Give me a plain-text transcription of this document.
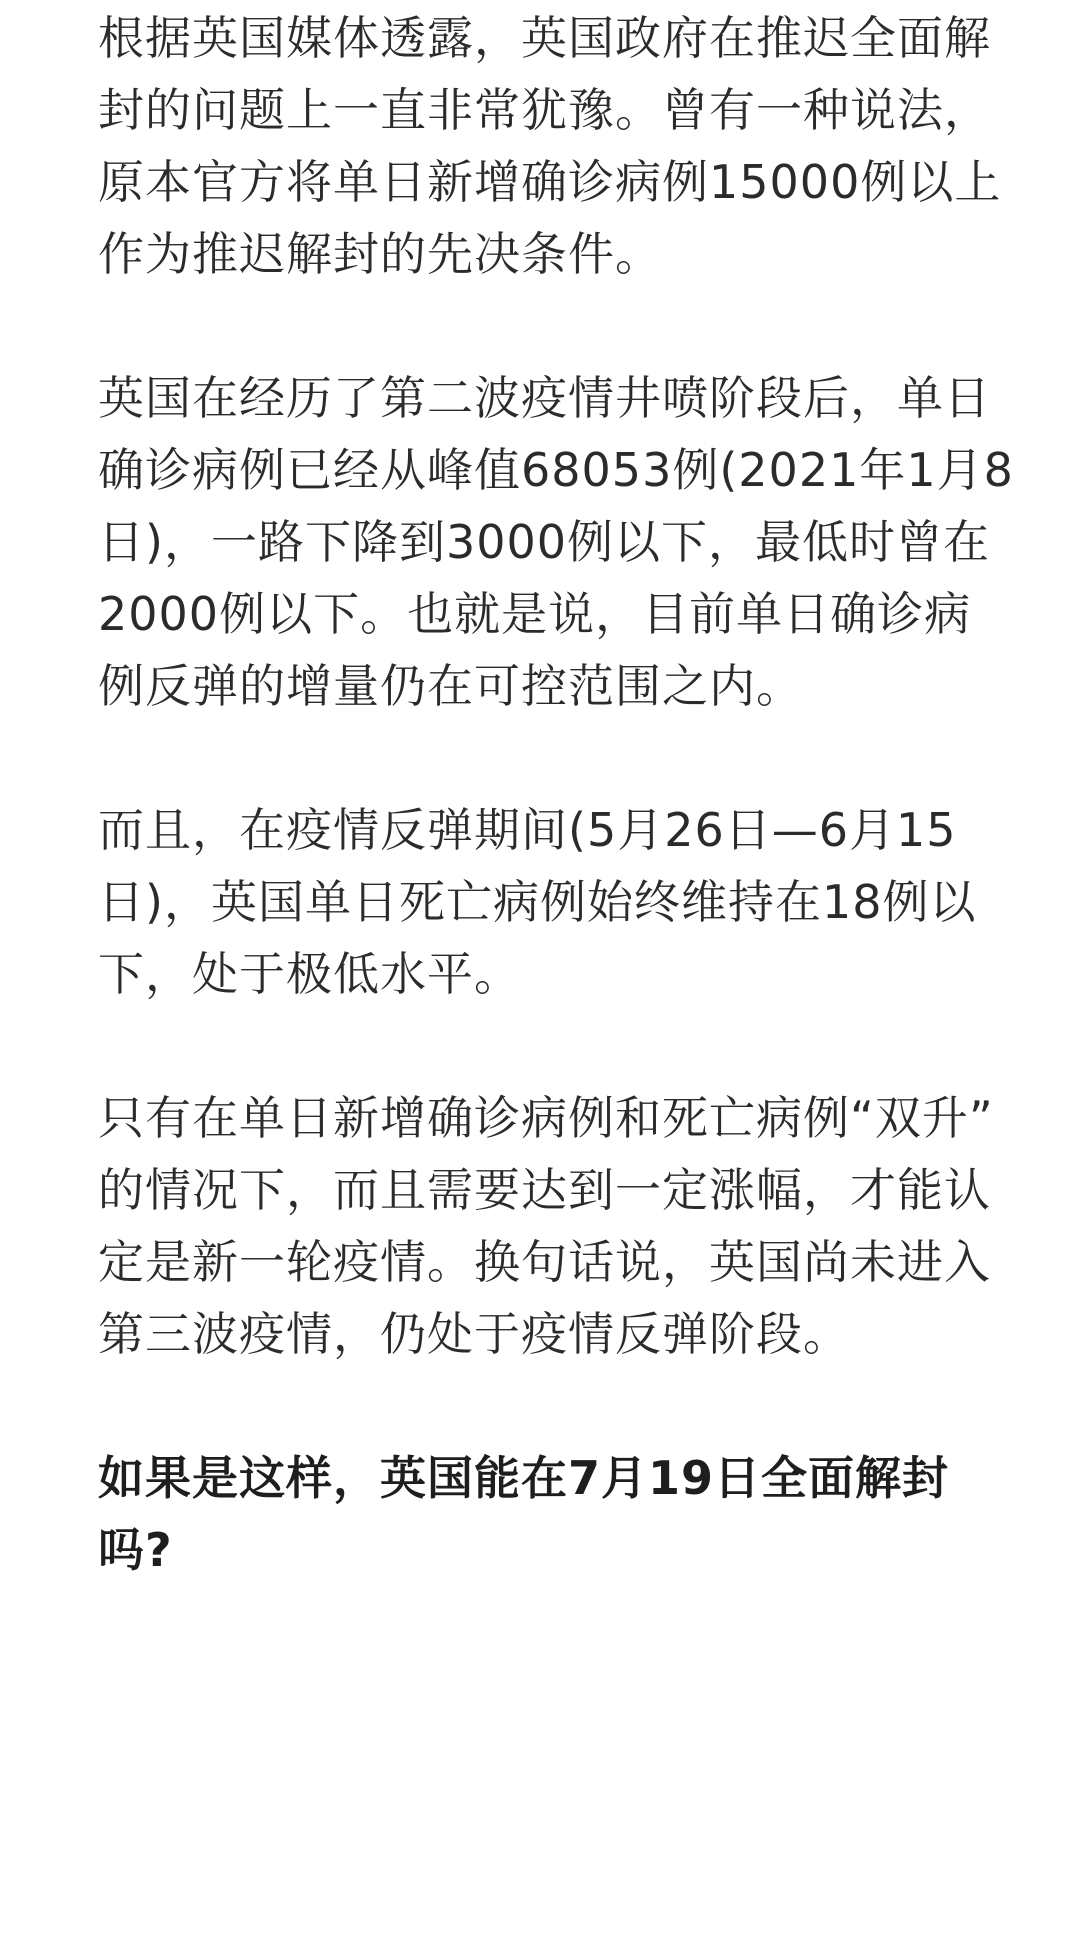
根据英国媒体透露，英国政府在推迟全面解
封的问题上一直非常犹豫。曾有一种说法，
原本官方将单日新增确诊病例15000例以上
作为推迟解封的先决条件。
英国在经历了第二波疫情井喷阶段后，单日
确诊病例已经从峰值68053例(2021年1月8
日)，一路下降到3000例以下，最低时曾在
2000例以下。也就是说，目前单日确诊病
例反弹的增量仍在可控范围之内。
而且，在疫情反弹期间(5月26日—6月15
日)，英国单日死亡病例始终维持在18例以
下，处于极低水平。
只有在单日新增确诊病例和死亡病例“双升”
的情况下，而且需要达到一定涨幅，才能认
定是新一轮疫情。换句话说，英国尚未进入
第三波疫情，仍处于疫情反弹阶段。
如果是这样，英国能在7月19日全面解封
吗?
